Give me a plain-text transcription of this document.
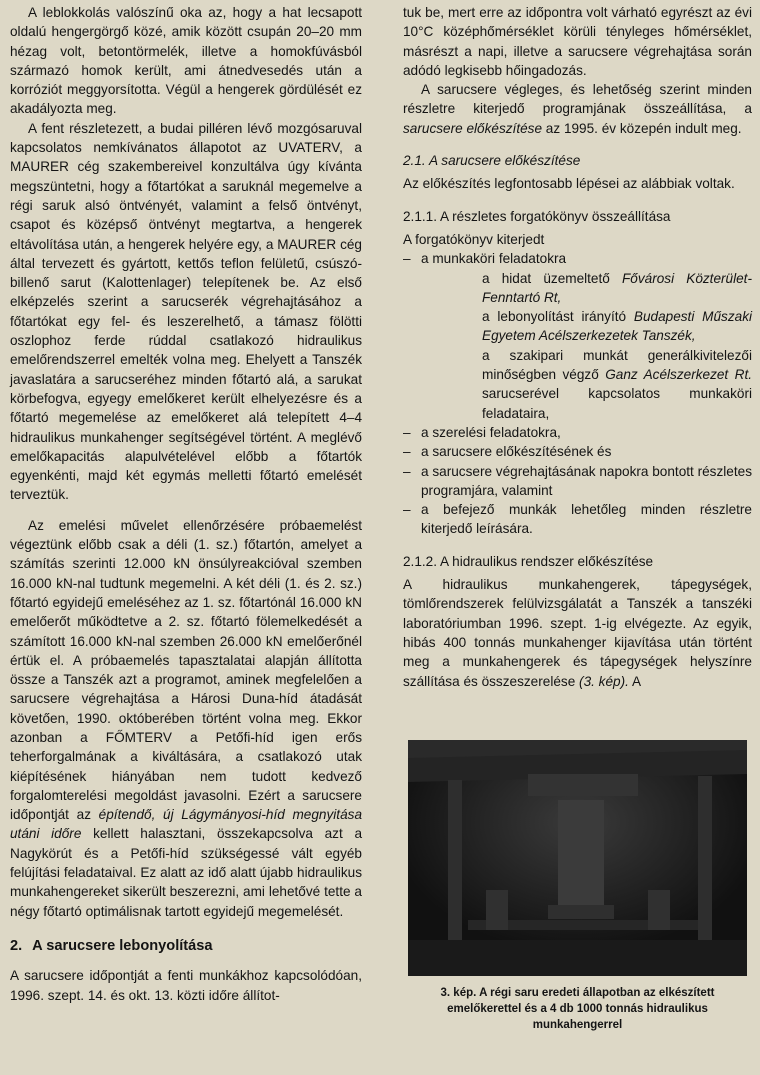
A leblokkolás valószínű oka az, hogy a hat lecsapott oldalú hengergörgő közé, amik között csupán 20–20 mm hézag volt, betontörmelék, illetve a homokfúvásból származó homok került, ami átnedvesedés után a korróziót meggyorsította. Végül a hengerek gördülését ez akadályozta meg.

A fent részletezett, a budai pilléren lévő mozgósaruval kapcsolatos nemkívánatos állapotot az UVATERV, a MAURER cég szakembereivel konzultálva úgy kívánta megszüntetni, hogy a főtartókat a saruknál megemelve a régi saruk alsó öntvényét, valamint a felső öntvényt, csapot és középső öntvényt megtartva, a hengerek eltávolítása után, a hengerek helyére egy, a MAURER cég által tervezett és gyártott, kettős teflon felületű, csúszó-billenő sarut (Kalottenlager) telepítenek be. Az első elképzelés szerint a sarucserék végrehajtásához a főtartókat egy fel- és leszerelhető, a támasz fölötti oszlophoz ferde rúddal csatlakozó hidraulikus emelőrendszerrel emelték volna meg. Ehelyett a Tanszék javaslatára a sarucseréhez minden főtartó alá, a sarukat körbefogva, egyegy emelőkeret került elhelyezésre és a főtartó megemelése az emelőkeret alá telepített 4–4 hidraulikus munkahenger segítségével történt. A meglévő emelőkapacitás alapulvételével előbb a főtartók egyenkénti, majd két egymás melletti főtartó emelését terveztük.

Az emelési művelet ellenőrzésére próbaemelést végeztünk előbb csak a déli (1. sz.) főtartón, amelyet a számítás szerinti 12.000 kN önsúlyreakcióval szemben 16.000 kN-nal tudtunk megemelni. A két déli (1. és 2. sz.) főtartó egyidejű emeléséhez az 1. sz. főtartónál 16.000 kN emelőerőt működtetve a 2. sz. főtartó fölemelkedését a számított 16.000 kN-nal szemben 26.000 kN emelőerőnél értük el. A próbaemelés tapasztalatai alapján állította össze a Tanszék azt a programot, aminek megfelelően a sarucsere végrehajtása a Hárosi Duna-híd átadását követően, 1990. októberében történt volna meg. Ekkor azonban a FŐMTERV a Petőfi-híd igen erős teherforgalmának a kiváltására, a csatlakozó utak kiépítésének hiányában nem tudott kedvező forgalomterelési megoldást javasolni. Ezért a sarucsere időpontját az építendő, új Lágymányosi-híd megnyitása utáni időre kellett halasztani, összekapcsolva azt a Nagykörút és a Petőfi-híd szükségessé vált egyéb felújítási feladataival. Ez alatt az idő alatt újabb hidraulikus munkahengereket sikerült beszerezni, ami lehetővé tette a négy főtartó optimálisnak tartott egyidejű megemelését.

2. A sarucsere lebonyolítása

A sarucsere időpontját a fenti munkákhoz kapcsolódóan, 1996. szept. 14. és okt. 13. közti időre állítot-

tuk be, mert erre az időpontra volt várható egyrészt az évi 10°C középhőmérséklet körüli tényleges hőmérséklet, másrészt a napi, illetve a sarucsere végrehajtása során adódó legkisebb hőingadozás.

A sarucsere végleges, és lehetőség szerint minden részletre kiterjedő programjának összeállítása, a sarucsere előkészítése az 1995. év közepén indult meg.

2.1. A sarucsere előkészítése

Az előkészítés legfontosabb lépései az alábbiak voltak.

2.1.1. A részletes forgatókönyv összeállítása

A forgatókönyv kiterjedt

– a munkaköri feladatokra

a hidat üzemeltető Fővárosi Közterület-Fenntartó Rt,

a lebonyolítást irányító Budapesti Műszaki Egyetem Acélszerkezetek Tanszék,

a szakipari munkát generálkivitelezői minőségben végző Ganz Acélszerkezet Rt. sarucserével kapcsolatos munkaköri feladataira,

– a szerelési feladatokra,
– a sarucsere előkészítésének és
– a sarucsere végrehajtásának napokra bontott részletes programjára, valamint
– a befejező munkák lehetőleg minden részletre kiterjedő leírására.
2.1.2. A hidraulikus rendszer előkészítése

A hidraulikus munkahengerek, tápegységek, tömlőrendszerek felülvizsgálatát a Tanszék a tanszéki laboratóriumban 1996. szept. 1-ig elvégezte. Az egyik, hibás 400 tonnás munkahenger kijavítása után történt meg a munkahengerek és tápegységek helyszínre szállítása és összeszerelése (3. kép). A

3. kép. A régi saru eredeti állapotban az elkészített emelőkerettel és a 4 db 1000 tonnás hidraulikus munkahengerrel
